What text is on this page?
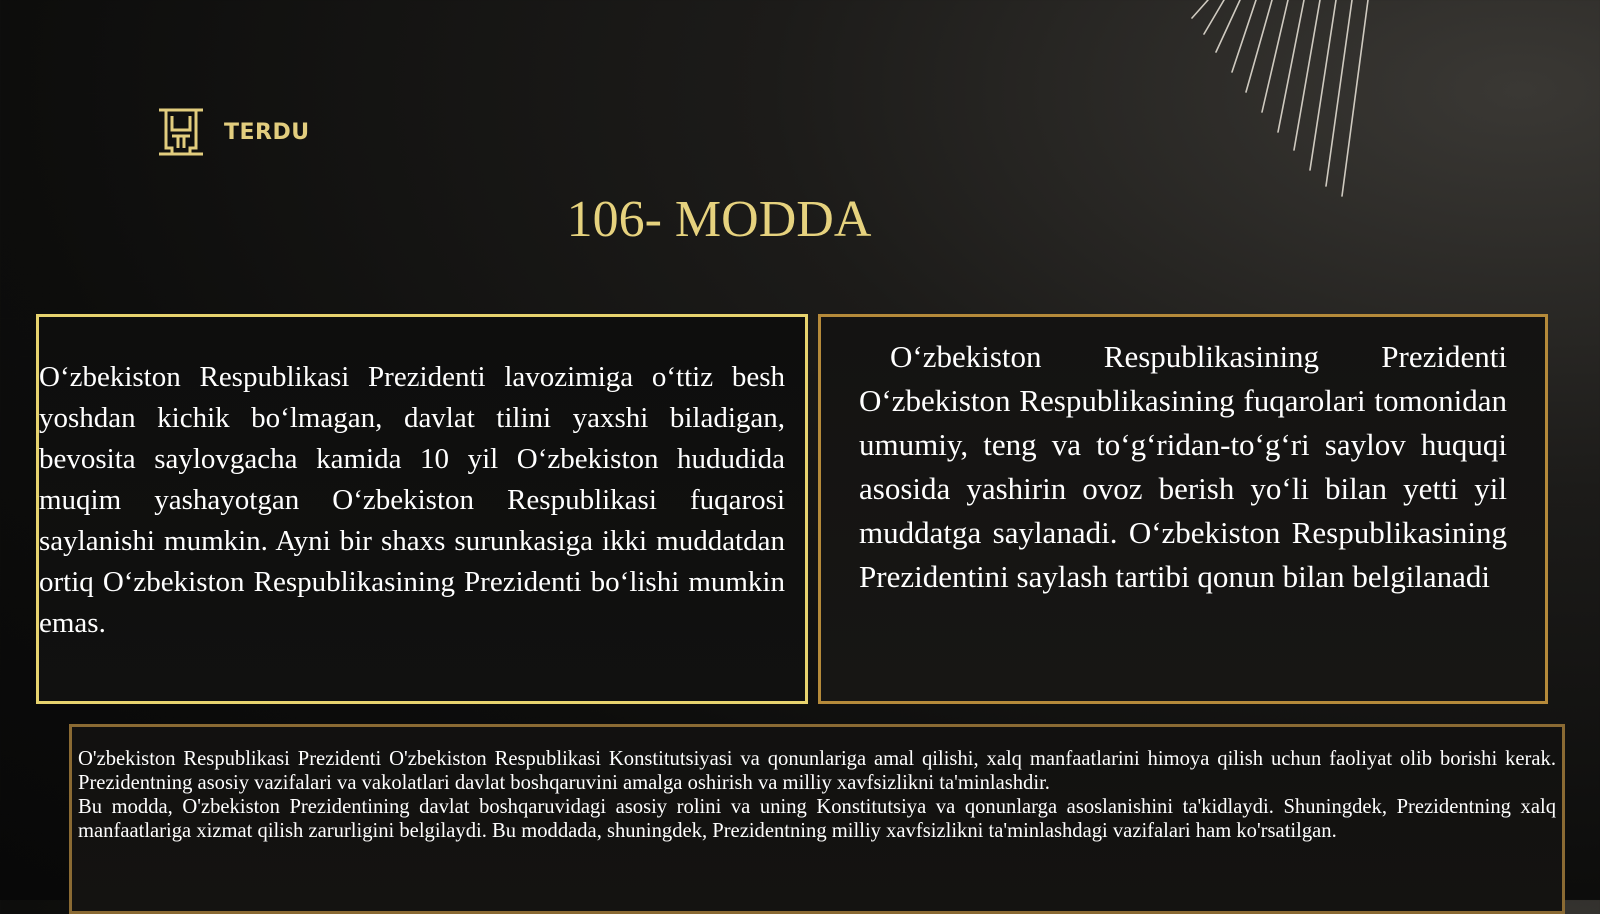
TERDU
106- MODDA

O‘zbekiston Respublikasi Prezidenti lavozimiga o‘ttiz besh yoshdan kichik bo‘lmagan, davlat tilini yaxshi biladigan, bevosita saylovgacha kamida 10 yil O‘zbekiston hududida muqim yashayotgan O‘zbekiston Respublikasi fuqarosi saylanishi mumkin. Ayni bir shaxs surunkasiga ikki muddatdan ortiq O‘zbekiston Respublikasining Prezidenti bo‘lishi mumkin emas.

O‘zbekiston Respublikasining Prezidenti O‘zbekiston Respublikasining fuqarolari tomonidan umumiy, teng va to‘g‘ridan-to‘g‘ri saylov huquqi asosida yashirin ovoz berish yo‘li bilan yetti yil muddatga saylanadi. O‘zbekiston Respublikasining Prezidentini saylash tartibi qonun bilan belgilanadi

O'zbekiston Respublikasi Prezidenti O'zbekiston Respublikasi Konstitutsiyasi va qonunlariga amal qilishi, xalq manfaatlarini himoya qilish uchun faoliyat olib borishi kerak. Prezidentning asosiy vazifalari va vakolatlari davlat boshqaruvini amalga oshirish va milliy xavfsizlikni ta'minlashdir.

Bu modda, O'zbekiston Prezidentining davlat boshqaruvidagi asosiy rolini va uning Konstitutsiya va qonunlarga asoslanishini ta'kidlaydi. Shuningdek, Prezidentning xalq manfaatlariga xizmat qilish zarurligini belgilaydi. Bu moddada, shuningdek, Prezidentning milliy xavfsizlikni ta'minlashdagi vazifalari ham ko'rsatilgan.
